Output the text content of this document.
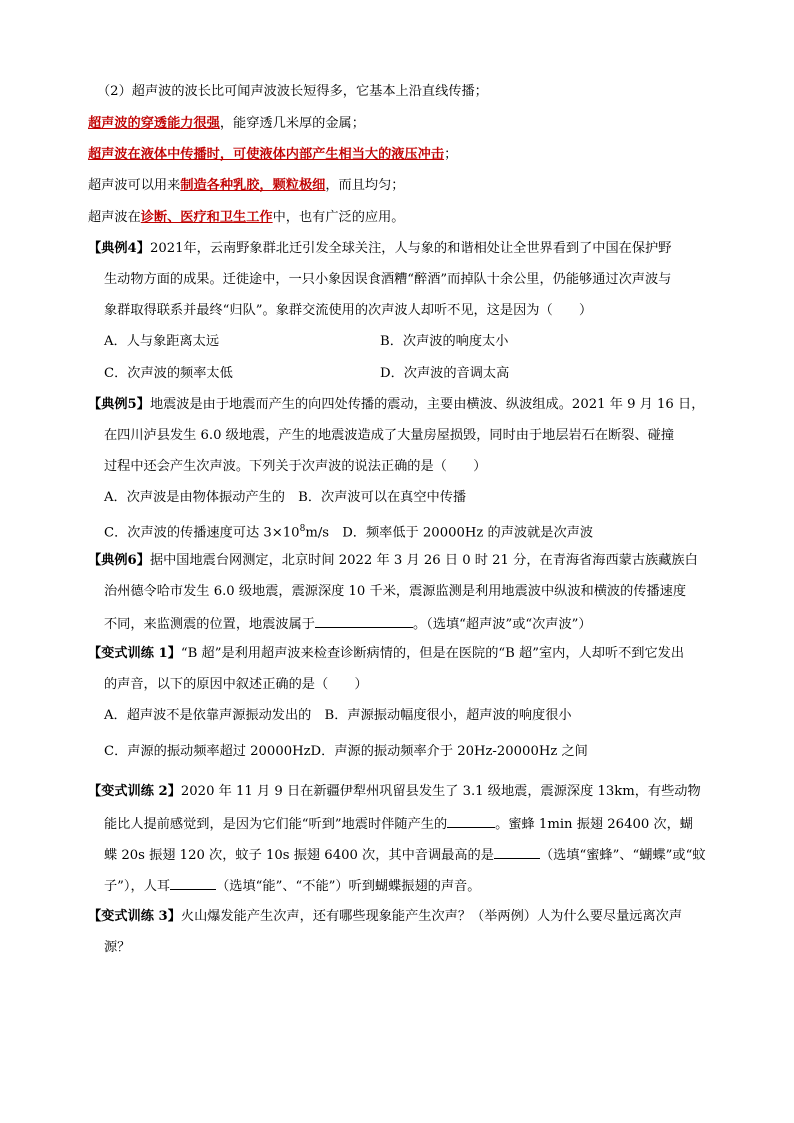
（2）超声波的波长比可闻声波波长短得多，它基本上沿直线传播；
超声波的穿透能力很强，能穿透几米厚的金属；
超声波在液体中传播时，可使液体内部产生相当大的液压冲击；
超声波可以用来制造各种乳胶，颗粒极细，而且均匀；
超声波在诊断、医疗和卫生工作中，也有广泛的应用。
【典例4】2021年，云南野象群北迁引发全球关注，人与象的和谐相处让全世界看到了中国在保护野
生动物方面的成果。迁徙途中，一只小象因误食酒糟“醉酒”而掉队十余公里，仍能够通过次声波与
象群取得联系并最终“归队”。象群交流使用的次声波人却听不见，这是因为（　　）
A．人与象距离太远	B．次声波的响度太小
C．次声波的频率太低	D．次声波的音调太高
【典例5】地震波是由于地震而产生的向四处传播的震动，主要由横波、纵波组成。2021 年 9 月 16 日，
在四川泸县发生 6.0 级地震，产生的地震波造成了大量房屋损毁，同时由于地层岩石在断裂、碰撞
过程中还会产生次声波。下列关于次声波的说法正确的是（　　）
A．次声波是由物体振动产生的　B．次声波可以在真空中传播
C．次声波的传播速度可达 $3\times 10^8m/s$　D．频率低于 20000Hz 的声波就是次声波
【典例6】据中国地震台网测定，北京时间 2022 年 3 月 26 日 0 时 21 分，在青海省海西蒙古族藏族白
治州德令哈市发生 6.0 级地震，震源深度 10 千米，震源监测是利用地震波中纵波和横波的传播速度
不同，来监测震的位置，地震波属于	。（选填“超声波”或“次声波”）
【变式训练 1】“B 超”是利用超声波来检查诊断病情的，但是在医院的“B 超”室内，人却听不到它发出
的声音，以下的原因中叙述正确的是（　　）
A．超声波不是依靠声源振动发出的　B．声源振动幅度很小，超声波的响度很小
C．声源的振动频率超过 20000HzD．声源的振动频率介于 20Hz-20000Hz 之间
【变式训练 2】2020 年 11 月 9 日在新疆伊犁州巩留县发生了 3.1 级地震，震源深度 13km，有些动物
能比人提前感觉到，是因为它们能“听到”地震时伴随产生的	。蜜蜂 1min 振翅 26400 次，蝴
蝶 20s 振翅 120 次，蚊子 10s 振翅 6400 次，其中音调最高的是	（选填“蜜蜂”、“蝴蝶”或“蚊
子”），人耳	（选填“能”、“不能”）听到蝴蝶振翅的声音。
【变式训练 3】火山爆发能产生次声，还有哪些现象能产生次声？（举两例）人为什么要尽量远离次声
源？
